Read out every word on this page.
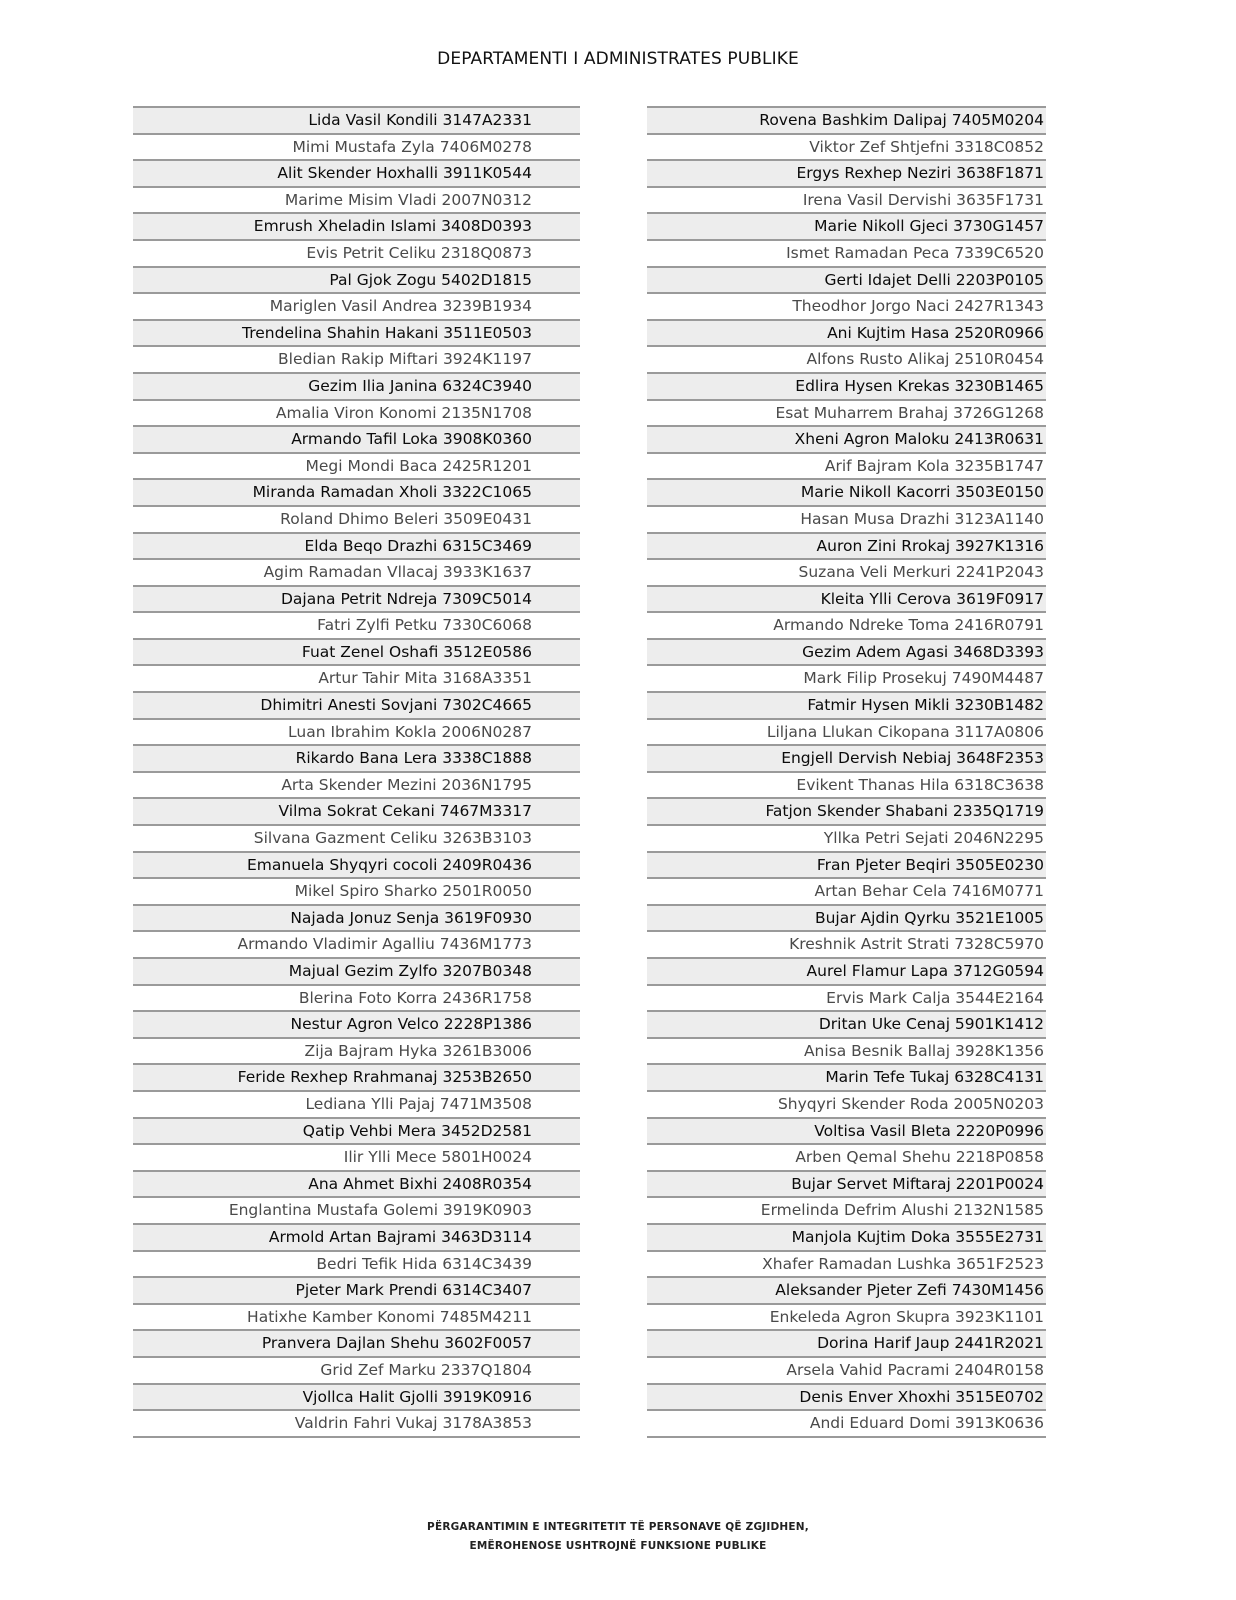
DEPARTAMENTI I ADMINISTRATES PUBLIKE
Lida Vasil Kondili 3147A2331
Mimi Mustafa Zyla 7406M0278
Alit Skender Hoxhalli 3911K0544
Marime Misim Vladi 2007N0312
Emrush Xheladin Islami 3408D0393
Evis Petrit Celiku 2318Q0873
Pal Gjok Zogu 5402D1815
Mariglen Vasil Andrea 3239B1934
Trendelina Shahin Hakani 3511E0503
Bledian Rakip Miftari 3924K1197
Gezim Ilia Janina 6324C3940
Amalia Viron Konomi 2135N1708
Armando Tafil Loka 3908K0360
Megi Mondi Baca 2425R1201
Miranda Ramadan Xholi 3322C1065
Roland Dhimo Beleri 3509E0431
Elda Beqo Drazhi 6315C3469
Agim Ramadan Vllacaj 3933K1637
Dajana Petrit Ndreja 7309C5014
Fatri Zylfi Petku 7330C6068
Fuat Zenel Oshafi 3512E0586
Artur Tahir Mita 3168A3351
Dhimitri Anesti Sovjani 7302C4665
Luan Ibrahim Kokla 2006N0287
Rikardo Bana Lera 3338C1888
Arta Skender Mezini 2036N1795
Vilma Sokrat Cekani 7467M3317
Silvana Gazment Celiku 3263B3103
Emanuela Shyqyri cocoli 2409R0436
Mikel Spiro Sharko 2501R0050
Najada Jonuz Senja 3619F0930
Armando Vladimir Agalliu 7436M1773
Majual Gezim Zylfo 3207B0348
Blerina Foto Korra 2436R1758
Nestur Agron Velco 2228P1386
Zija Bajram Hyka 3261B3006
Feride Rexhep Rrahmanaj 3253B2650
Lediana Ylli Pajaj 7471M3508
Qatip Vehbi Mera 3452D2581
Ilir Ylli Mece 5801H0024
Ana Ahmet Bixhi 2408R0354
Englantina Mustafa Golemi 3919K0903
Armold Artan Bajrami 3463D3114
Bedri Tefik Hida 6314C3439
Pjeter Mark Prendi 6314C3407
Hatixhe Kamber Konomi 7485M4211
Pranvera Dajlan Shehu 3602F0057
Grid Zef Marku 2337Q1804
Vjollca Halit Gjolli 3919K0916
Valdrin Fahri Vukaj 3178A3853
Rovena Bashkim Dalipaj 7405M0204
Viktor Zef Shtjefni 3318C0852
Ergys Rexhep Neziri 3638F1871
Irena Vasil Dervishi 3635F1731
Marie Nikoll Gjeci 3730G1457
Ismet Ramadan Peca 7339C6520
Gerti Idajet Delli 2203P0105
Theodhor Jorgo Naci 2427R1343
Ani Kujtim Hasa 2520R0966
Alfons Rusto Alikaj 2510R0454
Edlira Hysen Krekas 3230B1465
Esat Muharrem Brahaj 3726G1268
Xheni Agron Maloku 2413R0631
Arif Bajram Kola 3235B1747
Marie Nikoll Kacorri 3503E0150
Hasan Musa Drazhi 3123A1140
Auron Zini Rrokaj 3927K1316
Suzana Veli Merkuri 2241P2043
Kleita Ylli Cerova 3619F0917
Armando Ndreke Toma 2416R0791
Gezim Adem Agasi 3468D3393
Mark Filip Prosekuj 7490M4487
Fatmir Hysen Mikli 3230B1482
Liljana Llukan Cikopana 3117A0806
Engjell Dervish Nebiaj 3648F2353
Evikent Thanas Hila 6318C3638
Fatjon Skender Shabani 2335Q1719
Yllka Petri Sejati 2046N2295
Fran Pjeter Beqiri 3505E0230
Artan Behar Cela 7416M0771
Bujar Ajdin Qyrku 3521E1005
Kreshnik Astrit Strati 7328C5970
Aurel Flamur Lapa 3712G0594
Ervis Mark Calja 3544E2164
Dritan Uke Cenaj 5901K1412
Anisa Besnik Ballaj 3928K1356
Marin Tefe Tukaj 6328C4131
Shyqyri Skender Roda 2005N0203
Voltisa Vasil Bleta 2220P0996
Arben Qemal Shehu 2218P0858
Bujar Servet Miftaraj 2201P0024
Ermelinda Defrim Alushi 2132N1585
Manjola Kujtim Doka 3555E2731
Xhafer Ramadan Lushka 3651F2523
Aleksander Pjeter Zefi 7430M1456
Enkeleda Agron Skupra 3923K1101
Dorina Harif Jaup 2441R2021
Arsela Vahid Pacrami 2404R0158
Denis Enver Xhoxhi 3515E0702
Andi Eduard Domi 3913K0636
PËRGARANTIMIN E INTEGRITETIT TË PERSONAVE QË ZGJIDHEN,
EMËROHENOSE USHTROJNË FUNKSIONE PUBLIKE
